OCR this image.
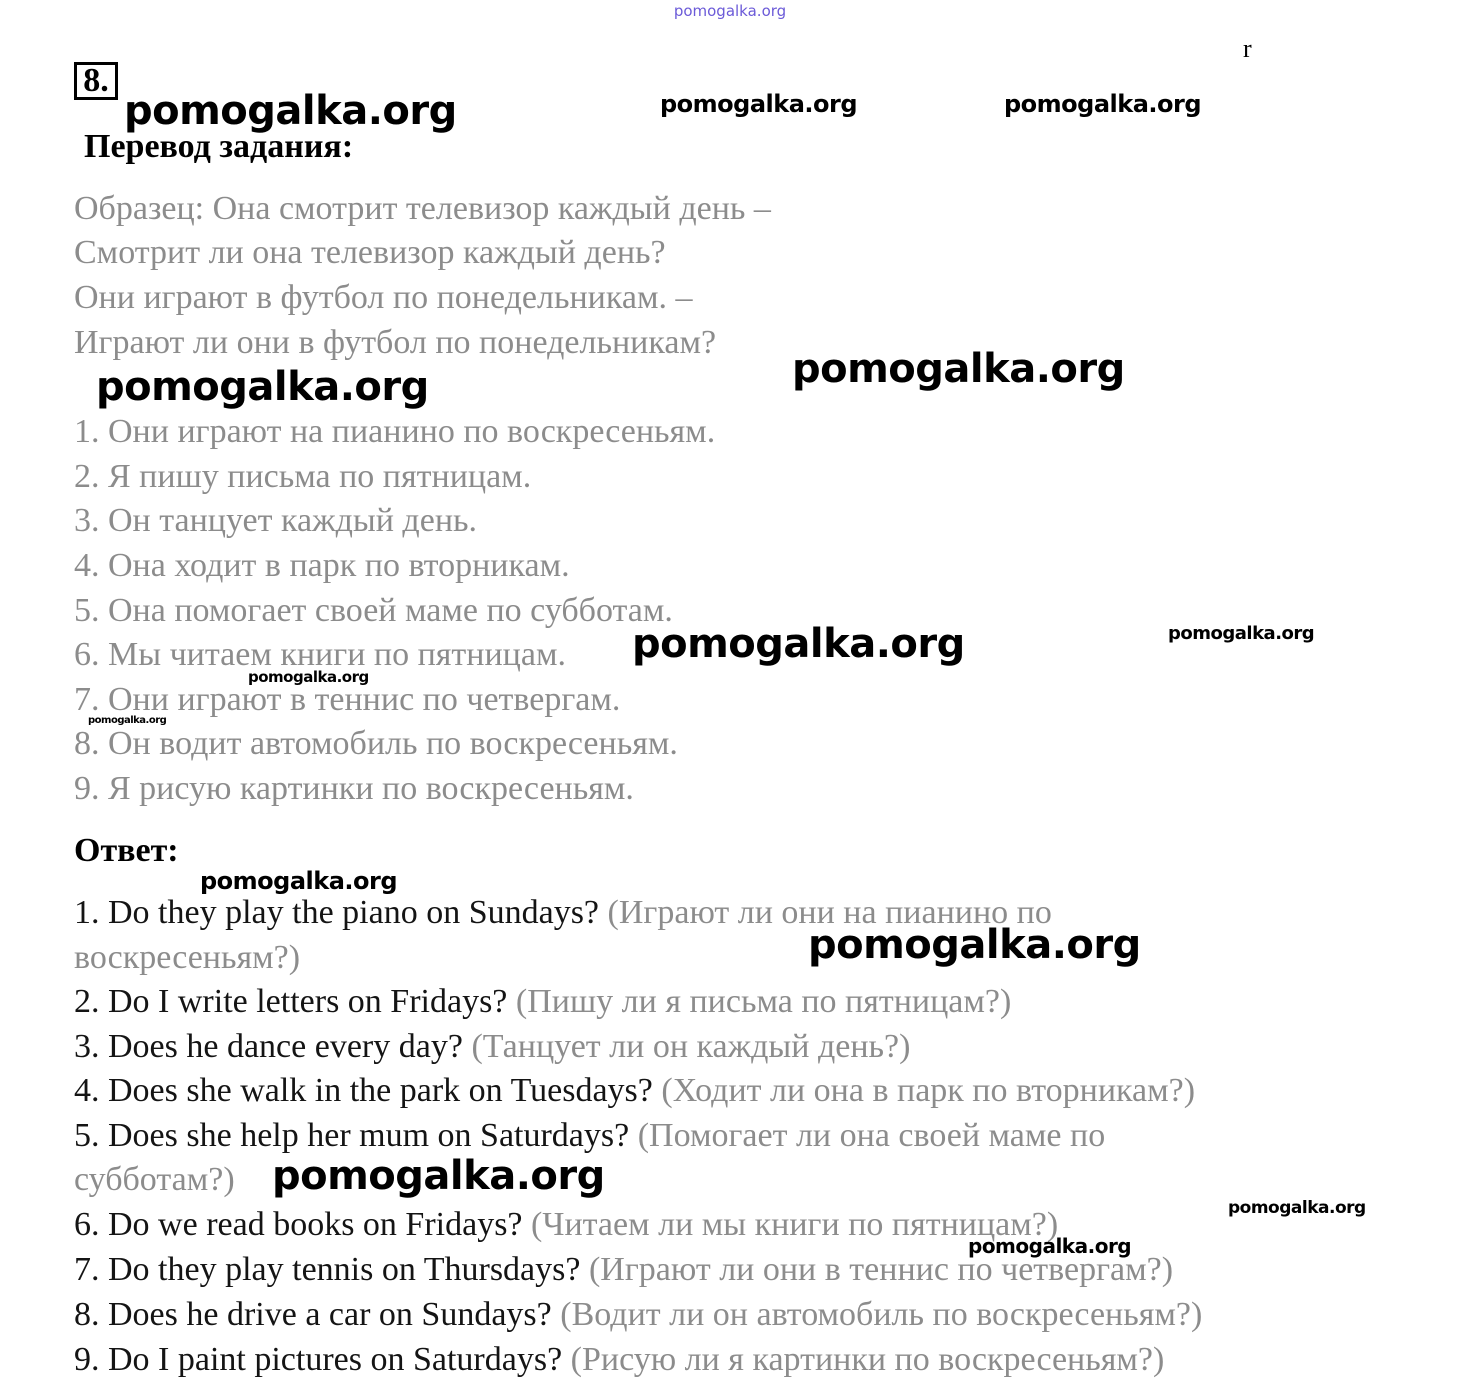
pomogalka.org
r
8.
Перевод задания:
Образец: Она смотрит телевизор каждый день –
Смотрит ли она телевизор каждый день?
Они играют в футбол по понедельникам. –
Играют ли они в футбол по понедельникам?
1. Они играют на пианино по воскресеньям.
2. Я пишу письма по пятницам.
3. Он танцует каждый день.
4. Она ходит в парк по вторникам.
5. Она помогает своей маме по субботам.
6. Мы читаем книги по пятницам.
7. Они играют в теннис по четвергам.
8. Он водит автомобиль по воскресеньям.
9. Я рисую картинки по воскресеньям.
Ответ:
1. Do they play the piano on Sundays? (Играют ли они на пианино по
воскресеньям?)
2. Do I write letters on Fridays? (Пишу ли я письма по пятницам?)
3. Does he dance every day? (Танцует ли он каждый день?)
4. Does she walk in the park on Tuesdays? (Ходит ли она в парк по вторникам?)
5. Does she help her mum on Saturdays? (Помогает ли она своей маме по
субботам?)
6. Do we read books on Fridays? (Читаем ли мы книги по пятницам?)
7. Do they play tennis on Thursdays? (Играют ли они в теннис по четвергам?)
8. Does he drive a car on Sundays? (Водит ли он автомобиль по воскресеньям?)
9. Do I paint pictures on Saturdays? (Рисую ли я картинки по воскресеньям?)
pomogalka.org	pomogalka.org	pomogalka.org
pomogalka.org	pomogalka.org
pomogalka.org	pomogalka.org
pomogalka.org
pomogalka.org
pomogalka.org
pomogalka.org
pomogalka.org
pomogalka.org
pomogalka.org
